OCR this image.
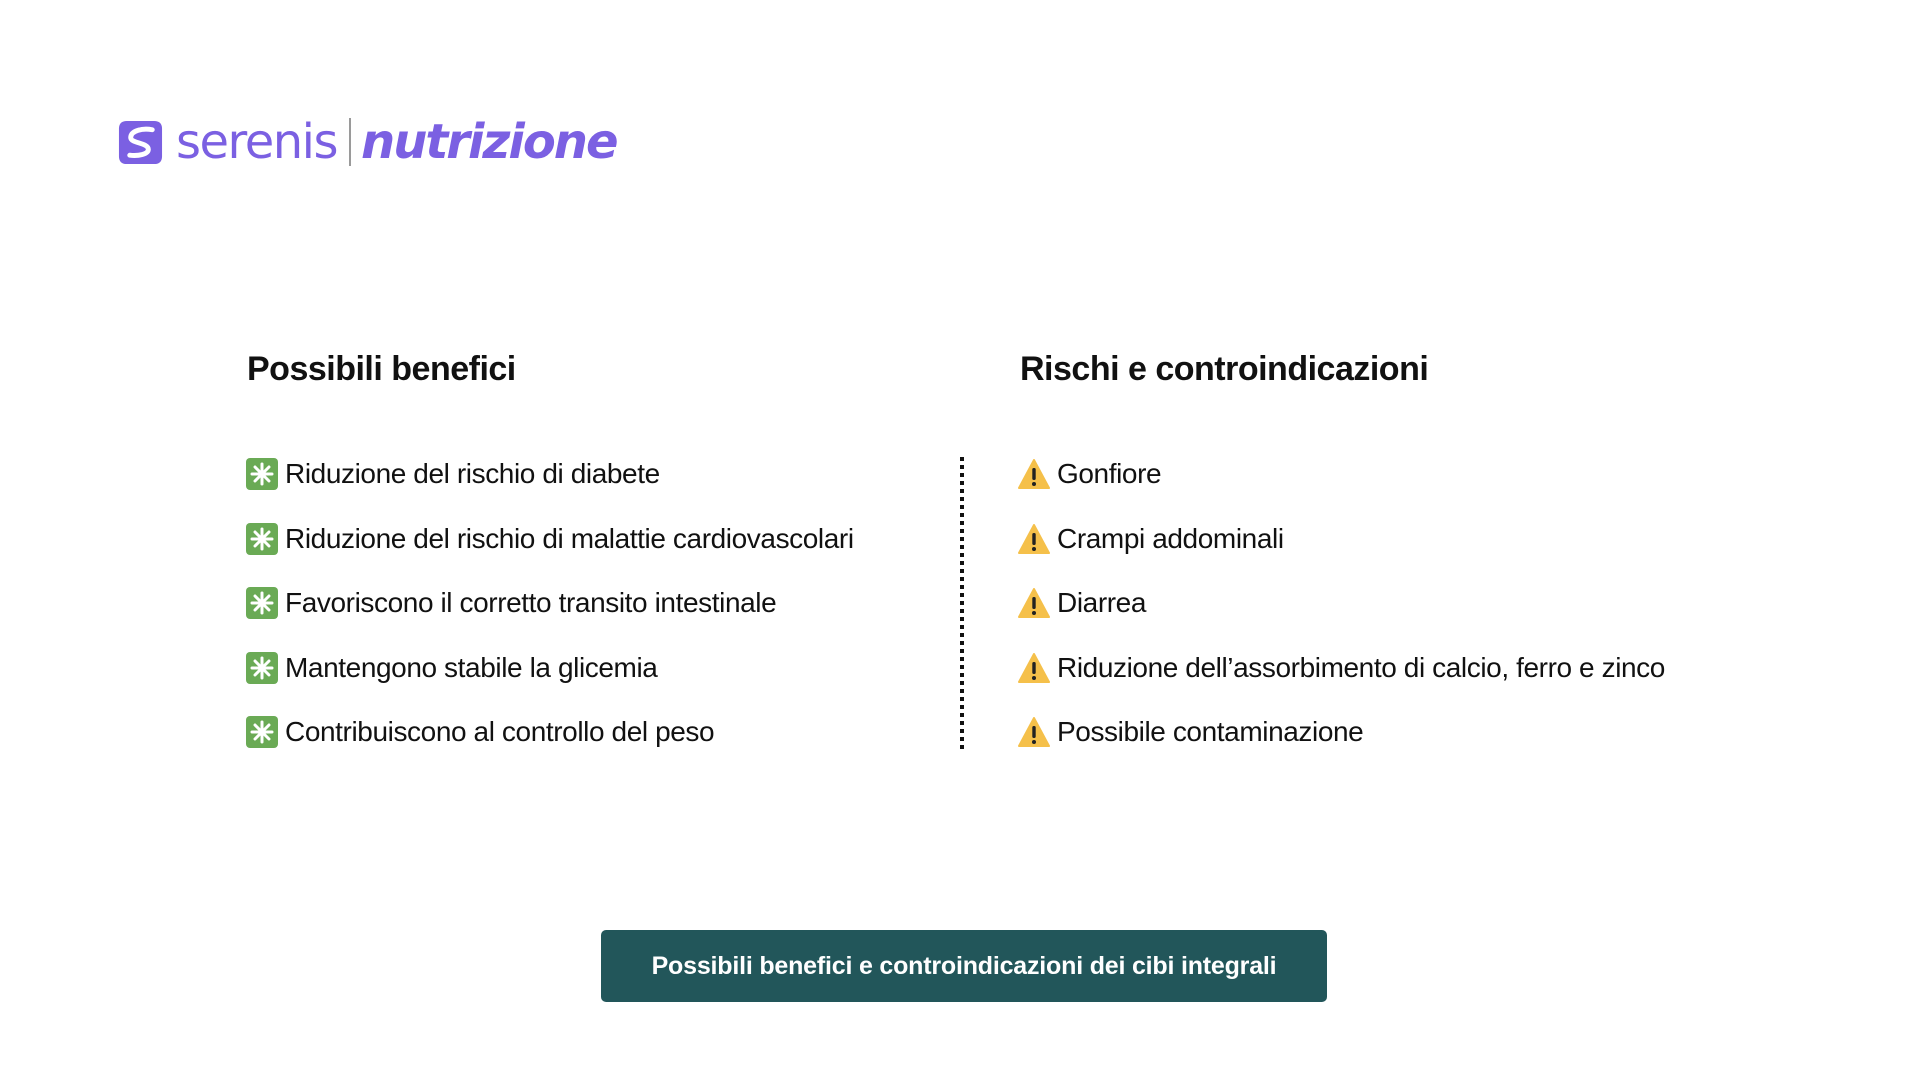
serenis nutrizione
Possibili benefici	Rischi e controindicazioni
Riduzione del rischio di diabete
Riduzione del rischio di malattie cardiovascolari
Favoriscono il corretto transito intestinale
Mantengono stabile la glicemia
Contribuiscono al controllo del peso
Gonfiore
Crampi addominali
Diarrea
Riduzione dell’assorbimento di calcio, ferro e zinco
Possibile contaminazione
Possibili benefici e controindicazioni dei cibi integrali
